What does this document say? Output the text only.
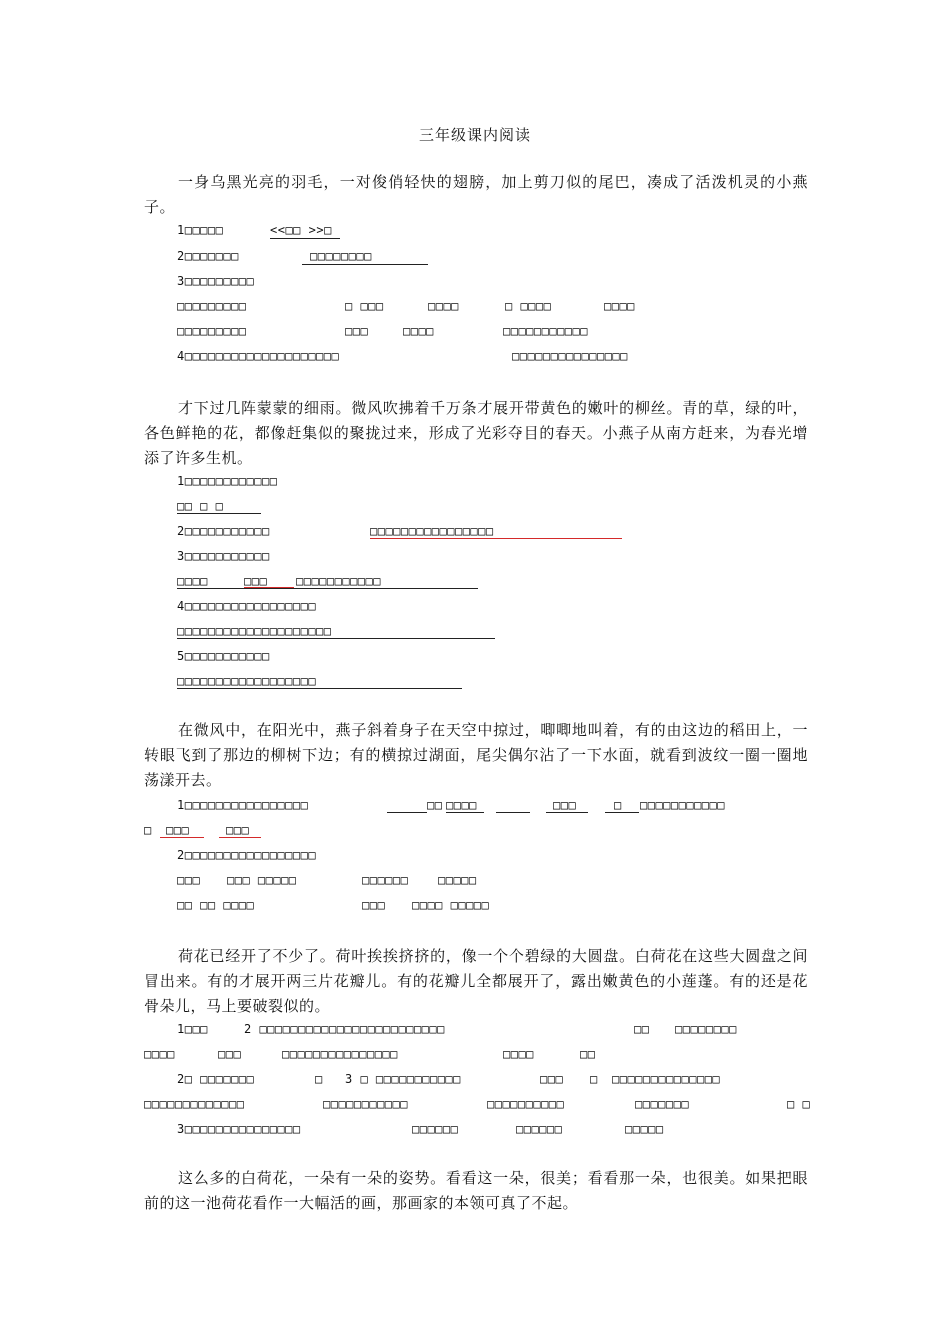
三年级课内阅读
一身乌黑光亮的羽毛，一对俊俏轻快的翅膀，加上剪刀似的尾巴，凑成了活泼机灵的小燕子。
1□□□□□	<<□□ >>□
2□□□□□□□	□□□□□□□□
3□□□□□□□□□
□□□□□□□□□	□ □□□	□□□□	□ □□□□	□□□□
□□□□□□□□□	□□□	□□□□	□□□□□□□□□□□
4□□□□□□□□□□□□□□□□□□□□	□□□□□□□□□□□□□□□
才下过几阵蒙蒙的细雨。微风吹拂着千万条才展开带黄色的嫩叶的柳丝。青的草，绿的叶，各色鲜艳的花，都像赶集似的聚拢过来，形成了光彩夺目的春天。小燕子从南方赶来，为春光增添了许多生机。
1□□□□□□□□□□□□
□□ □ □
2□□□□□□□□□□□	□□□□□□□□□□□□□□□□
3□□□□□□□□□□□
□□□□	□□□ □□□□□□□□□□□
4□□□□□□□□□□□□□□□□□
□□□□□□□□□□□□□□□□□□□□
5□□□□□□□□□□□
□□□□□□□□□□□□□□□□□□
在微风中，在阳光中，燕子斜着身子在天空中掠过，唧唧地叫着，有的由这边的稻田上，一转眼飞到了那边的柳树下边；有的横掠过湖面，尾尖偶尔沾了一下水面，就看到波纹一圈一圈地荡漾开去。
1□□□□□□□□□□□□□□□□	□□ □□□□	□□□	□ □□□□□□□□□□□
□ □□□	□□□
2□□□□□□□□□□□□□□□□□
□□□ □□□ □□□□□	□□□□□□ □□□□□
□□ □□ □□□□	□□□ □□□□ □□□□□
荷花已经开了不少了。荷叶挨挨挤挤的，像一个个碧绿的大圆盘。白荷花在这些大圆盘之间冒出来。有的才展开两三片花瓣儿。有的花瓣儿全都展开了，露出嫩黄色的小莲蓬。有的还是花骨朵儿，马上要破裂似的。
1□□□	2 □□□□□□□□□□□□□□□□□□□□□□□□	□□ □□□□□□□□
□□□□	□□□	□□□□□□□□□□□□□□□	□□□□	□□
2□ □□□□□□□	□ 3 □ □□□□□□□□□□□	□□□ □ □□□□□□□□□□□□□□
□□□□□□□□□□□□□	□□□□□□□□□□□	□□□□□□□□□□	□□□□□□□	□ □
3□□□□□□□□□□□□□□□	□□□□□□	□□□□□□	□□□□□
这么多的白荷花，一朵有一朵的姿势。看看这一朵，很美；看看那一朵，也很美。如果把眼前的这一池荷花看作一大幅活的画，那画家的本领可真了不起。
